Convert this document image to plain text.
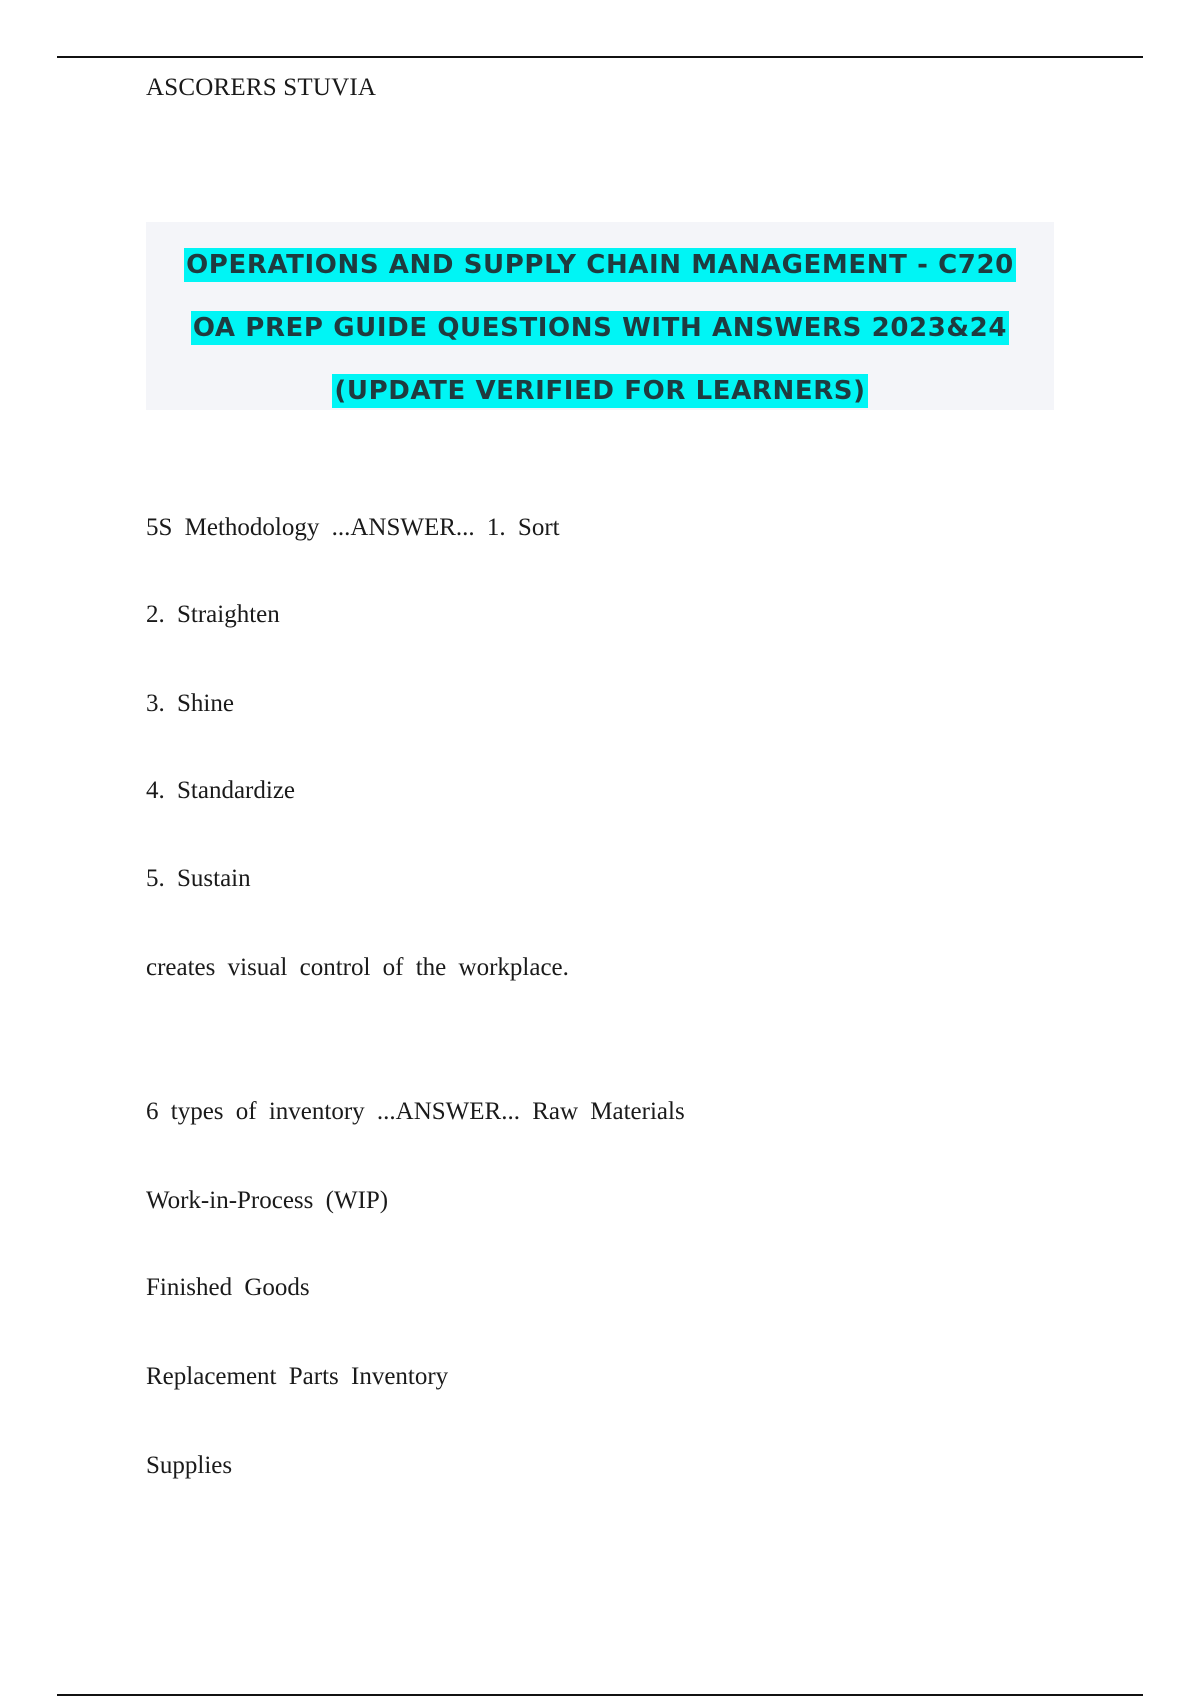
ASCORERS STUVIA
OPERATIONS AND SUPPLY CHAIN MANAGEMENT - C720
OA PREP GUIDE QUESTIONS WITH ANSWERS 2023&24
(UPDATE VERIFIED FOR LEARNERS)
5S Methodology ...ANSWER... 1. Sort
2. Straighten
3. Shine
4. Standardize
5. Sustain
creates visual control of the workplace.
6 types of inventory ...ANSWER... Raw Materials
Work-in-Process (WIP)
Finished Goods
Replacement Parts Inventory
Supplies
